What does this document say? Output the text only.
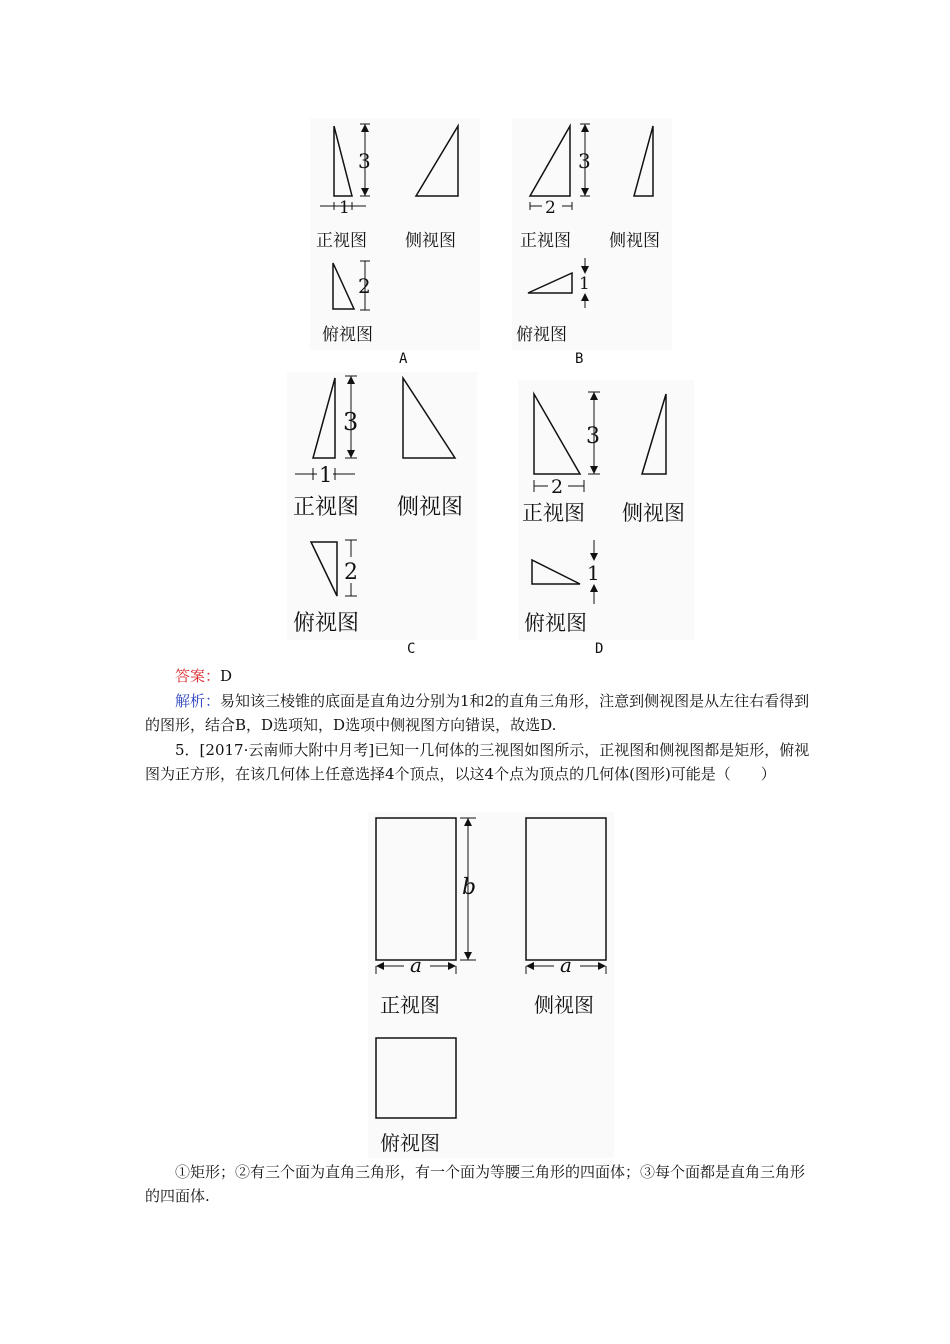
3
1
正视图 侧视图
2
俯视图
A
3
2
正视图 侧视图
1
俯视图
B
3
1
正视图 侧视图
2
俯视图
C
3
2
正视图 侧视图
1
俯视图
D
答案：D
解析：易知该三棱锥的底面是直角边分别为1和2的直角三角形，注意到侧视图是从左往右看得到的图形，结合B，D选项知，D选项中侧视图方向错误，故选D.
5．[2017·云南师大附中月考]已知一几何体的三视图如图所示，正视图和侧视图都是矩形，俯视图为正方形，在该几何体上任意选择4个顶点，以这4个点为顶点的几何体(图形)可能是（　　）
b
a	a
正视图	侧视图
俯视图
①矩形；②有三个面为直角三角形，有一个面为等腰三角形的四面体；③每个面都是直角三角形的四面体.
